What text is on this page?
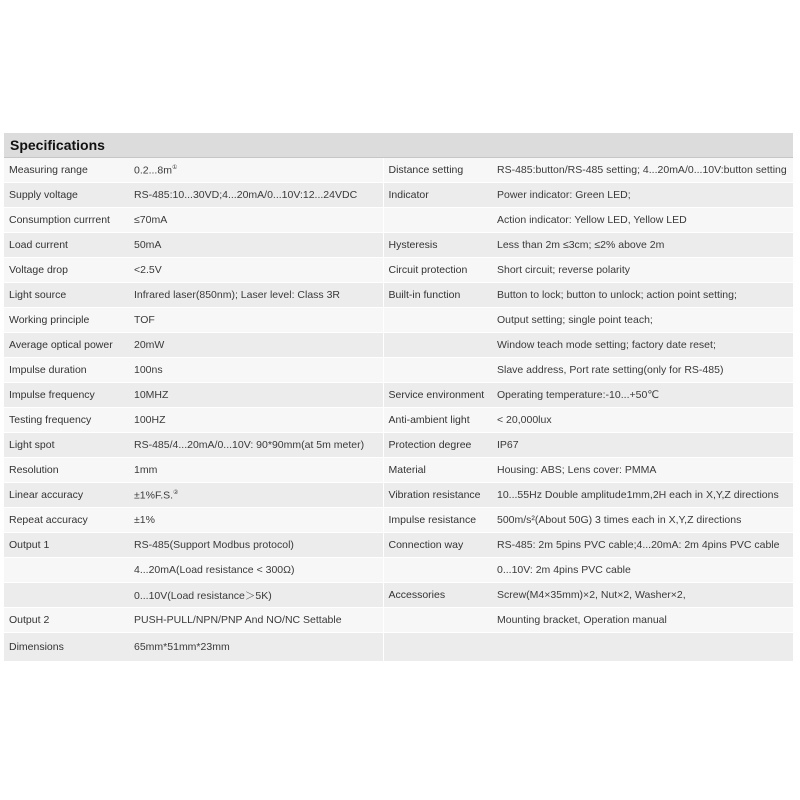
Specifications
Measuring range	0.2...8m①	Distance setting	RS-485:button/RS-485 setting; 4...20mA/0...10V:button setting
Supply voltage	RS-485:10...30VD;4...20mA/0...10V:12...24VDC	Indicator	Power indicator: Green LED;
Consumption currrent	≤70mA		Action indicator: Yellow LED, Yellow LED
Load current	50mA	Hysteresis	Less than 2m ≤3cm; ≤2% above 2m
Voltage drop	<2.5V	Circuit protection	Short circuit; reverse polarity
Light source	Infrared laser(850nm); Laser level: Class 3R	Built-in function	Button to lock; button to unlock; action point setting;
Working principle	TOF		Output setting; single point teach;
Average optical power	20mW		Window teach mode setting; factory date reset;
Impulse duration	100ns		Slave address, Port rate setting(only for RS-485)
Impulse frequency	10MHZ	Service environment	Operating temperature:-10...+50℃
Testing frequency	100HZ	Anti-ambient light	< 20,000lux
Light spot	RS-485/4...20mA/0...10V: 90*90mm(at 5m meter)	Protection degree	IP67
Resolution	1mm	Material	Housing: ABS; Lens cover: PMMA
Linear accuracy	±1%F.S.②	Vibration resistance	10...55Hz Double amplitude1mm,2H each in X,Y,Z directions
Repeat accuracy	±1%	Impulse resistance	500m/s²(About 50G) 3 times each in X,Y,Z directions
Output 1	RS-485(Support Modbus protocol)	Connection way	RS-485: 2m 5pins PVC cable;4...20mA: 2m 4pins PVC cable
	4...20mA(Load resistance < 300Ω)		0...10V: 2m 4pins PVC cable
	0...10V(Load resistance＞5K)	Accessories	Screw(M4×35mm)×2, Nut×2, Washer×2,
Output 2	PUSH-PULL/NPN/PNP And NO/NC Settable		Mounting bracket, Operation manual
Dimensions	65mm*51mm*23mm		
